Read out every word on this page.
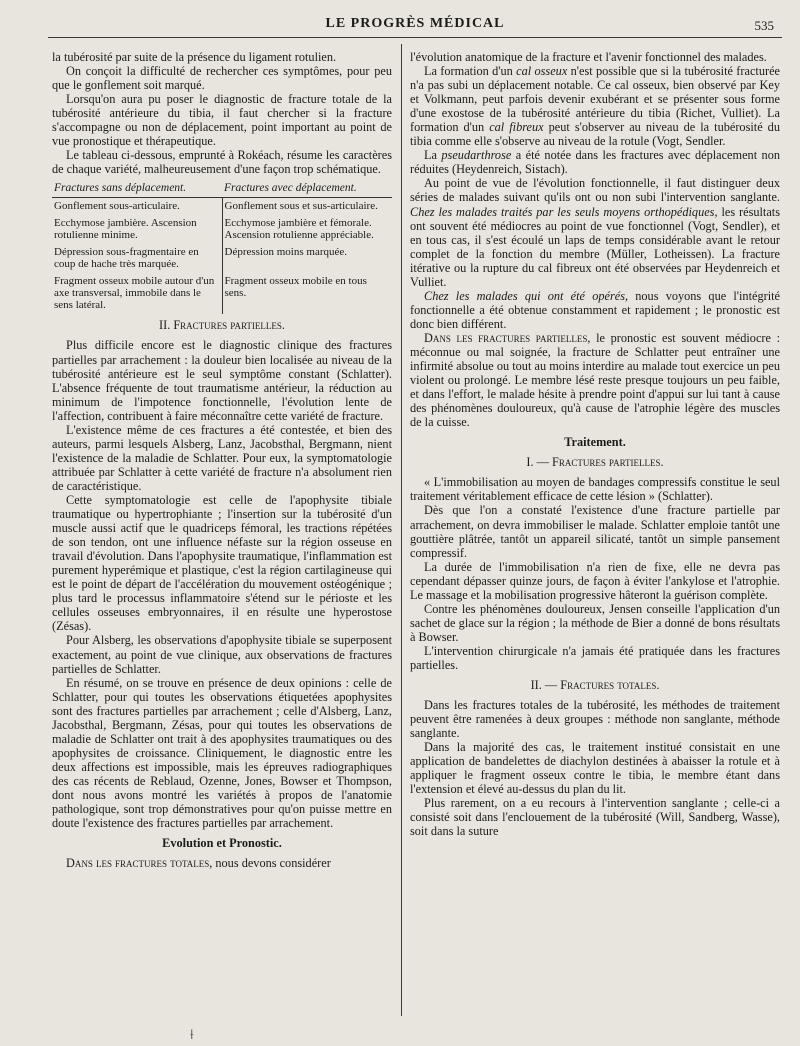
LE PROGRÈS MÉDICAL	535

la tubérosité par suite de la présence du ligament rotulien.

On conçoit la difficulté de rechercher ces symptômes, pour peu que le gonflement soit marqué.

Lorsqu'on aura pu poser le diagnostic de fracture totale de la tubérosité antérieure du tibia, il faut chercher si la fracture s'accompagne ou non de déplacement, point important au point de vue pronostique et thérapeutique.

Le tableau ci-dessous, emprunté à Rokéach, résume les caractères de chaque variété, malheureusement d'une façon trop schématique.

Fractures sans déplacement.	Fractures avec déplacement.
Gonflement sous-articulaire.	Gonflement sous et sus-articulaire.
Ecchymose jambière. Ascension rotulienne minime.	Ecchymose jambière et fémorale. Ascension rotulienne appréciable.
Dépression sous-fragmentaire en coup de hache très marquée.	Dépression moins marquée.
Fragment osseux mobile autour d'un axe transversal, immobile dans le sens latéral.	Fragment osseux mobile en tous sens.

II. Fractures partielles.

Plus difficile encore est le diagnostic clinique des fractures partielles par arrachement : la douleur bien localisée au niveau de la tubérosité antérieure est le seul symptôme constant (Schlatter). L'absence fréquente de tout traumatisme antérieur, la réduction au minimum de l'impotence fonctionnelle, l'évolution lente de l'affection, contribuent à faire méconnaître cette variété de fracture.

L'existence même de ces fractures a été contestée, et bien des auteurs, parmi lesquels Alsberg, Lanz, Jacobsthal, Bergmann, nient l'existence de la maladie de Schlatter. Pour eux, la symptomatologie attribuée par Schlatter à cette variété de fracture n'a absolument rien de caractéristique.

Cette symptomatologie est celle de l'apophysite tibiale traumatique ou hypertrophiante ; l'insertion sur la tubérosité d'un muscle aussi actif que le quadriceps fémoral, les tractions répétées de son tendon, ont une influence néfaste sur la région osseuse en travail d'évolution. Dans l'apophysite traumatique, l'inflammation est purement hyperémique et plastique, c'est la région cartilagineuse qui est le point de départ de l'accélération du mouvement ostéogénique ; plus tard le processus inflammatoire s'étend sur le périoste et les cellules osseuses embryonnaires, il en résulte une hyperostose (Zésas).

Pour Alsberg, les observations d'apophysite tibiale se superposent exactement, au point de vue clinique, aux observations de fractures partielles de Schlatter.

En résumé, on se trouve en présence de deux opinions : celle de Schlatter, pour qui toutes les observations étiquetées apophysites sont des fractures partielles par arrachement ; celle d'Alsberg, Lanz, Jacobsthal, Bergmann, Zésas, pour qui toutes les observations de maladie de Schlatter ont trait à des apophysites traumatiques ou des apophysites de croissance. Cliniquement, le diagnostic entre les deux affections est impossible, mais les épreuves radiographiques des cas récents de Reblaud, Ozenne, Jones, Bowser et Thompson, dont nous avons montré les variétés à propos de l'anatomie pathologique, sont trop démonstratives pour qu'on puisse mettre en doute l'existence des fractures partielles par arrachement.

Evolution et Pronostic.

Dans les fractures totales, nous devons considérer

l'évolution anatomique de la fracture et l'avenir fonctionnel des malades.

La formation d'un cal osseux n'est possible que si la tubérosité fracturée n'a pas subi un déplacement notable. Ce cal osseux, bien observé par Key et Volkmann, peut parfois devenir exubérant et se présenter sous forme d'une exostose de la tubérosité antérieure du tibia (Richet, Vulliet). La formation d'un cal fibreux peut s'observer au niveau de la tubérosité du tibia comme elle s'observe au niveau de la rotule (Vogt, Sendler.

La pseudarthrose a été notée dans les fractures avec déplacement non réduites (Heydenreich, Sistach).

Au point de vue de l'évolution fonctionnelle, il faut distinguer deux séries de malades suivant qu'ils ont ou non subi l'intervention sanglante. Chez les malades traités par les seuls moyens orthopédiques, les résultats ont souvent été médiocres au point de vue fonctionnel (Vogt, Sendler), et en tous cas, il s'est écoulé un laps de temps considérable avant le retour complet de la fonction du membre (Müller, Lotheissen). La fracture itérative ou la rupture du cal fibreux ont été observées par Heydenreich et Vulliet.

Chez les malades qui ont été opérés, nous voyons que l'intégrité fonctionnelle a été obtenue constamment et rapidement ; le pronostic est donc bien différent.

Dans les fractures partielles, le pronostic est souvent médiocre : méconnue ou mal soignée, la fracture de Schlatter peut entraîner une infirmité absolue ou tout au moins interdire au malade tout exercice un peu violent ou prolongé. Le membre lésé reste presque toujours un peu faible, et dans l'effort, le malade hésite à prendre point d'appui sur lui tant à cause des phénomènes douloureux, qu'à cause de l'atrophie légère des muscles de la cuisse.

Traitement.

I. — Fractures partielles.

« L'immobilisation au moyen de bandages compressifs constitue le seul traitement véritablement efficace de cette lésion » (Schlatter).

Dès que l'on a constaté l'existence d'une fracture partielle par arrachement, on devra immobiliser le malade. Schlatter emploie tantôt une gouttière plâtrée, tantôt un appareil silicaté, tantôt un simple pansement compressif.

La durée de l'immobilisation n'a rien de fixe, elle ne devra pas cependant dépasser quinze jours, de façon à éviter l'ankylose et l'atrophie. Le massage et la mobilisation progressive hâteront la guérison complète.

Contre les phénomènes douloureux, Jensen conseille l'application d'un sachet de glace sur la région ; la méthode de Bier a donné de bons résultats à Bowser.

L'intervention chirurgicale n'a jamais été pratiquée dans les fractures partielles.

II. — Fractures totales.

Dans les fractures totales de la tubérosité, les méthodes de traitement peuvent être ramenées à deux groupes : méthode non sanglante, méthode sanglante.

Dans la majorité des cas, le traitement institué consistait en une application de bandelettes de diachylon destinées à abaisser la rotule et à appliquer le fragment osseux contre le tibia, le membre étant dans l'extension et élevé au-dessus du plan du lit.

Plus rarement, on a eu recours à l'intervention sanglante ; celle-ci a consisté soit dans l'enclouement de la tubérosité (Will, Sandberg, Wasse), soit dans la suture

⟊
